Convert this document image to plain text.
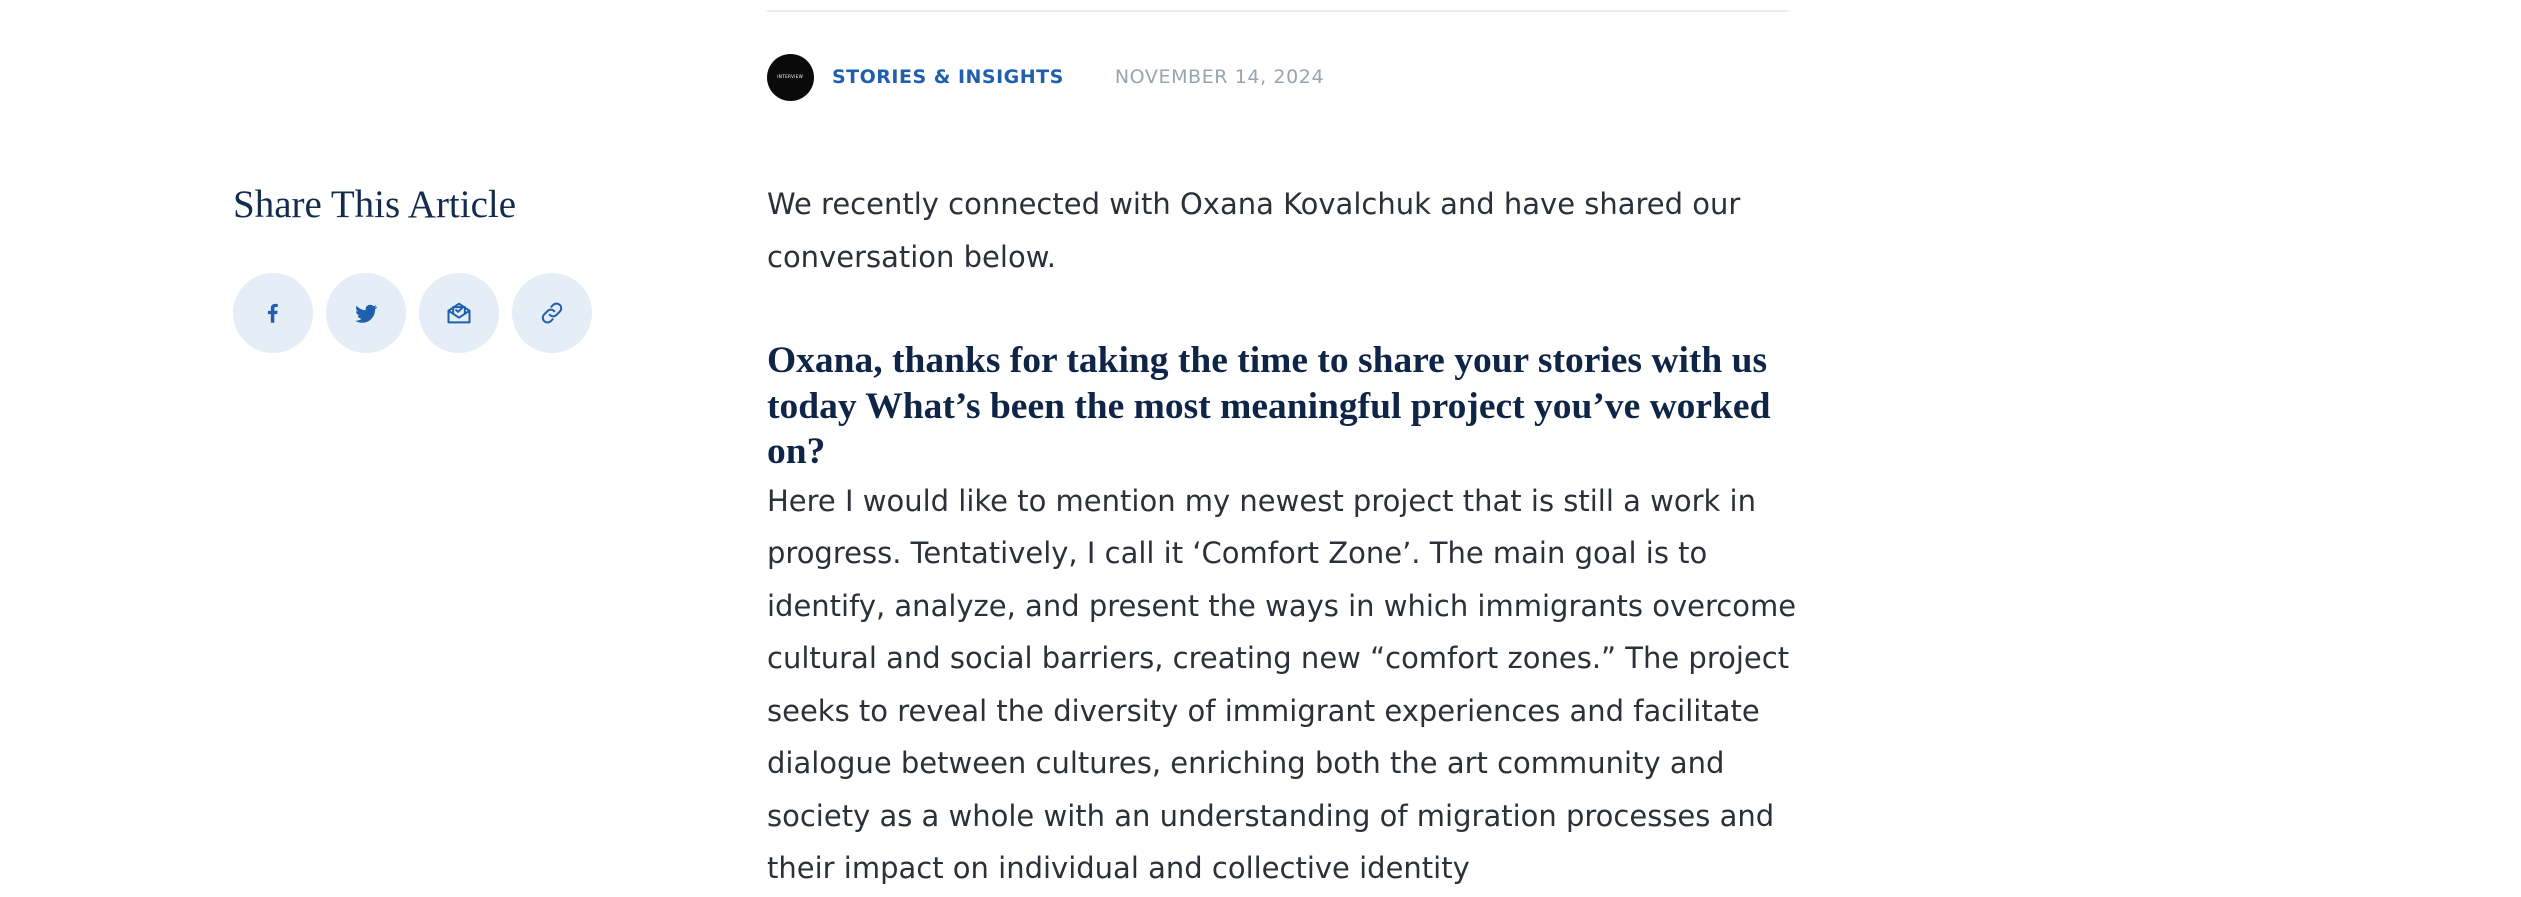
INTERVIEW STORIES & INSIGHTS	NOVEMBER 14, 2024
Share This Article	We recently connected with Oxana Kovalchuk and have shared our conversation below.

Oxana, thanks for taking the time to share your stories with us today What’s been the most meaningful project you’ve worked on?

Here I would like to mention my newest project that is still a work in progress. Tentatively, I call it ‘Comfort Zone’. The main goal is to identify, analyze, and present the ways in which immigrants overcome cultural and social barriers, creating new “comfort zones.” The project seeks to reveal the diversity of immigrant experiences and facilitate dialogue between cultures, enriching both the art community and society as a whole with an understanding of migration processes and their impact on individual and collective identity
